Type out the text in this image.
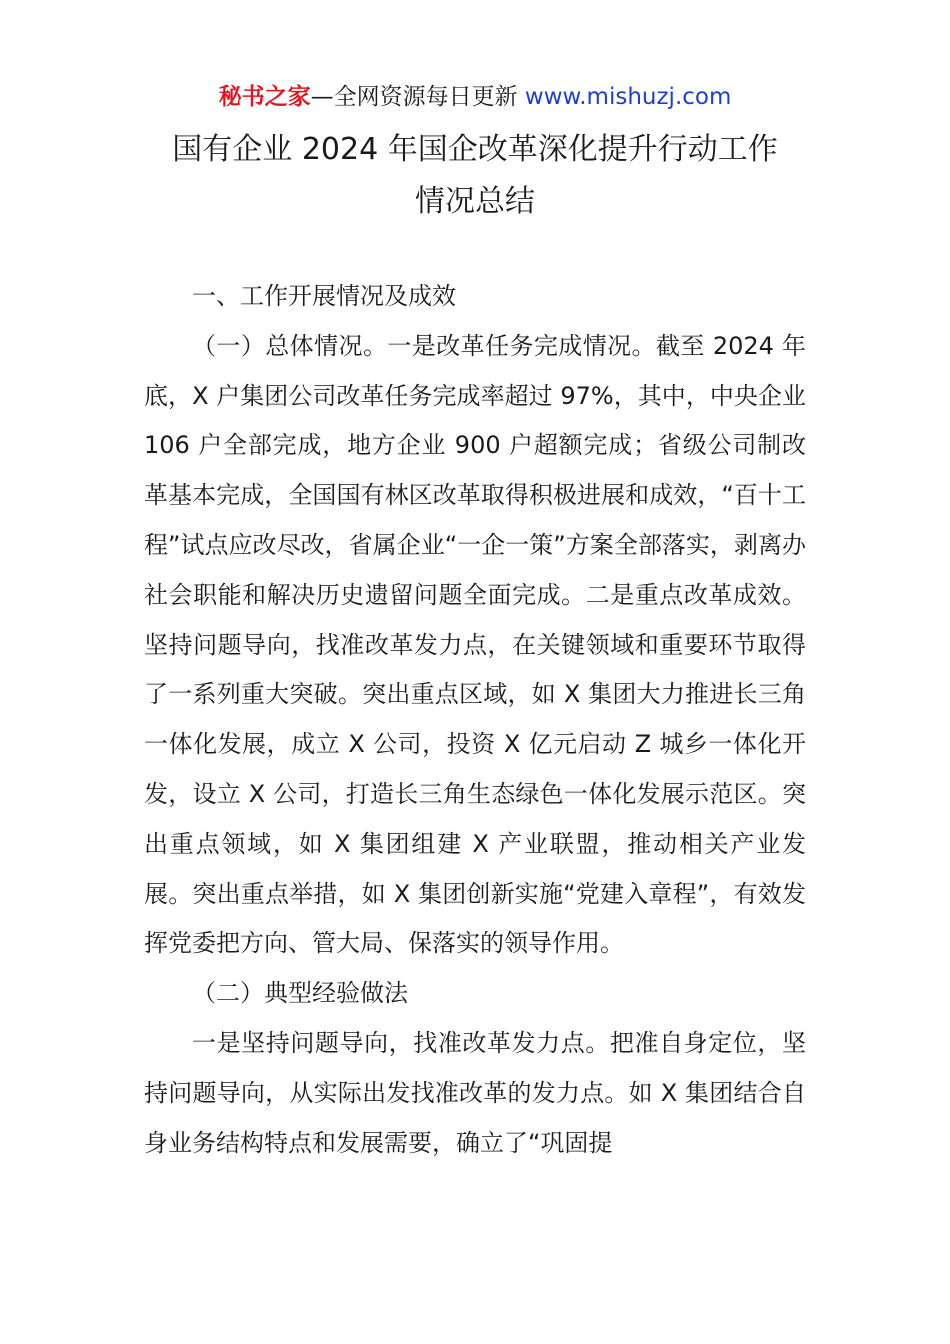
秘书之家—全网资源每日更新 www.mishuzj.com
国有企业 2024 年国企改革深化提升行动工作
情况总结

一、工作开展情况及成效

（一）总体情况。一是改革任务完成情况。截至 2024 年底，X 户集团公司改革任务完成率超过 97%，其中，中央企业 106 户全部完成，地方企业 900 户超额完成；省级公司制改革基本完成，全国国有林区改革取得积极进展和成效，“百十工程”试点应改尽改，省属企业“一企一策”方案全部落实，剥离办社会职能和解决历史遗留问题全面完成。二是重点改革成效。坚持问题导向，找准改革发力点，在关键领域和重要环节取得了一系列重大突破。突出重点区域，如 X 集团大力推进长三角一体化发展，成立 X 公司，投资 X 亿元启动 Z 城乡一体化开发，设立 X 公司，打造长三角生态绿色一体化发展示范区。突出重点领域，如 X 集团组建 X 产业联盟，推动相关产业发展。突出重点举措，如 X 集团创新实施“党建入章程”，有效发挥党委把方向、管大局、保落实的领导作用。

（二）典型经验做法

一是坚持问题导向，找准改革发力点。把准自身定位，坚持问题导向，从实际出发找准改革的发力点。如 X 集团结合自身业务结构特点和发展需要，确立了“巩固提
